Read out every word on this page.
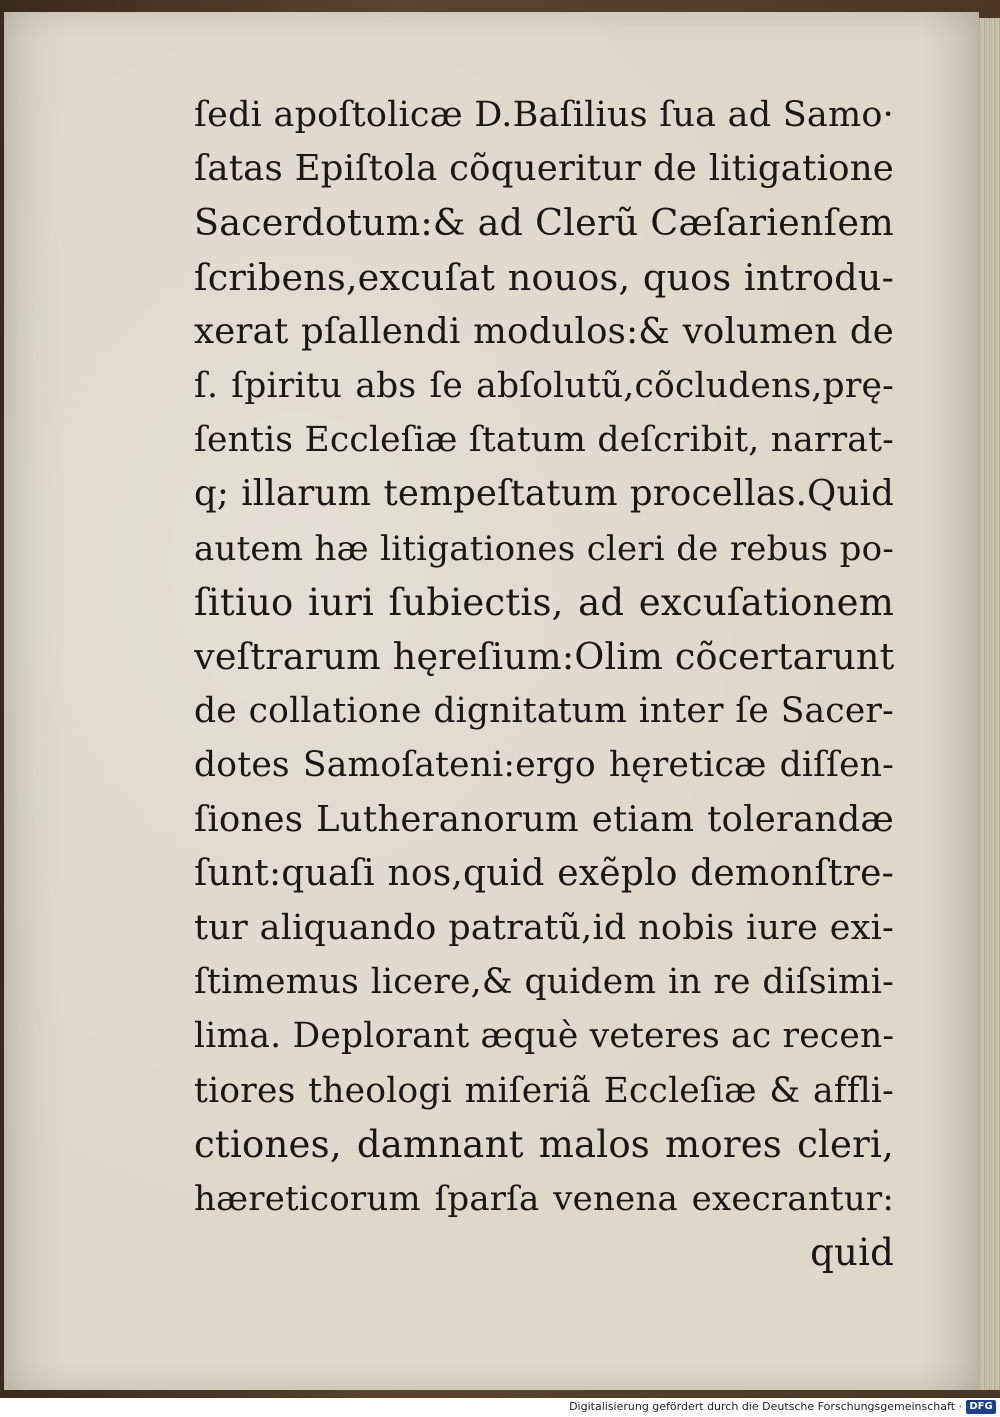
ſedi apoſtolicæ D.Baſilius ſua ad Samo·
ſatas Epiſtola cõqueritur de litigatione
Sacerdotum:& ad Clerũ Cæſarienſem
ſcribens,excuſat nouos, quos introdu-
xerat pſallendi modulos:& volumen de
ſ. ſpiritu abs ſe abſolutũ,cõcludens,prę-
ſentis Eccleſiæ ſtatum deſcribit, narrat-
q; illarum tempeſtatum procellas.Quid
autem hæ litigationes cleri de rebus po-
ſitiuo iuri ſubiectis, ad excuſationem
veſtrarum hęreſium:Olim cõcertarunt
de collatione dignitatum inter ſe Sacer-
dotes Samoſateni:ergo hęreticæ diſſen-
ſiones Lutheranorum etiam tolerandæ
ſunt:quaſi nos,quid exẽplo demonſtre-
tur aliquando patratũ,id nobis iure exi-
ſtimemus licere,& quidem in re diſsimi-
lima. Deplorant æquè veteres ac recen-
tiores theologi miſeriã Eccleſiæ & affli-
ctiones, damnant malos mores cleri,
hæreticorum ſparſa venena execrantur:
quid
Digitalisierung gefördert durch die Deutsche Forschungsgemeinschaft · DFG
